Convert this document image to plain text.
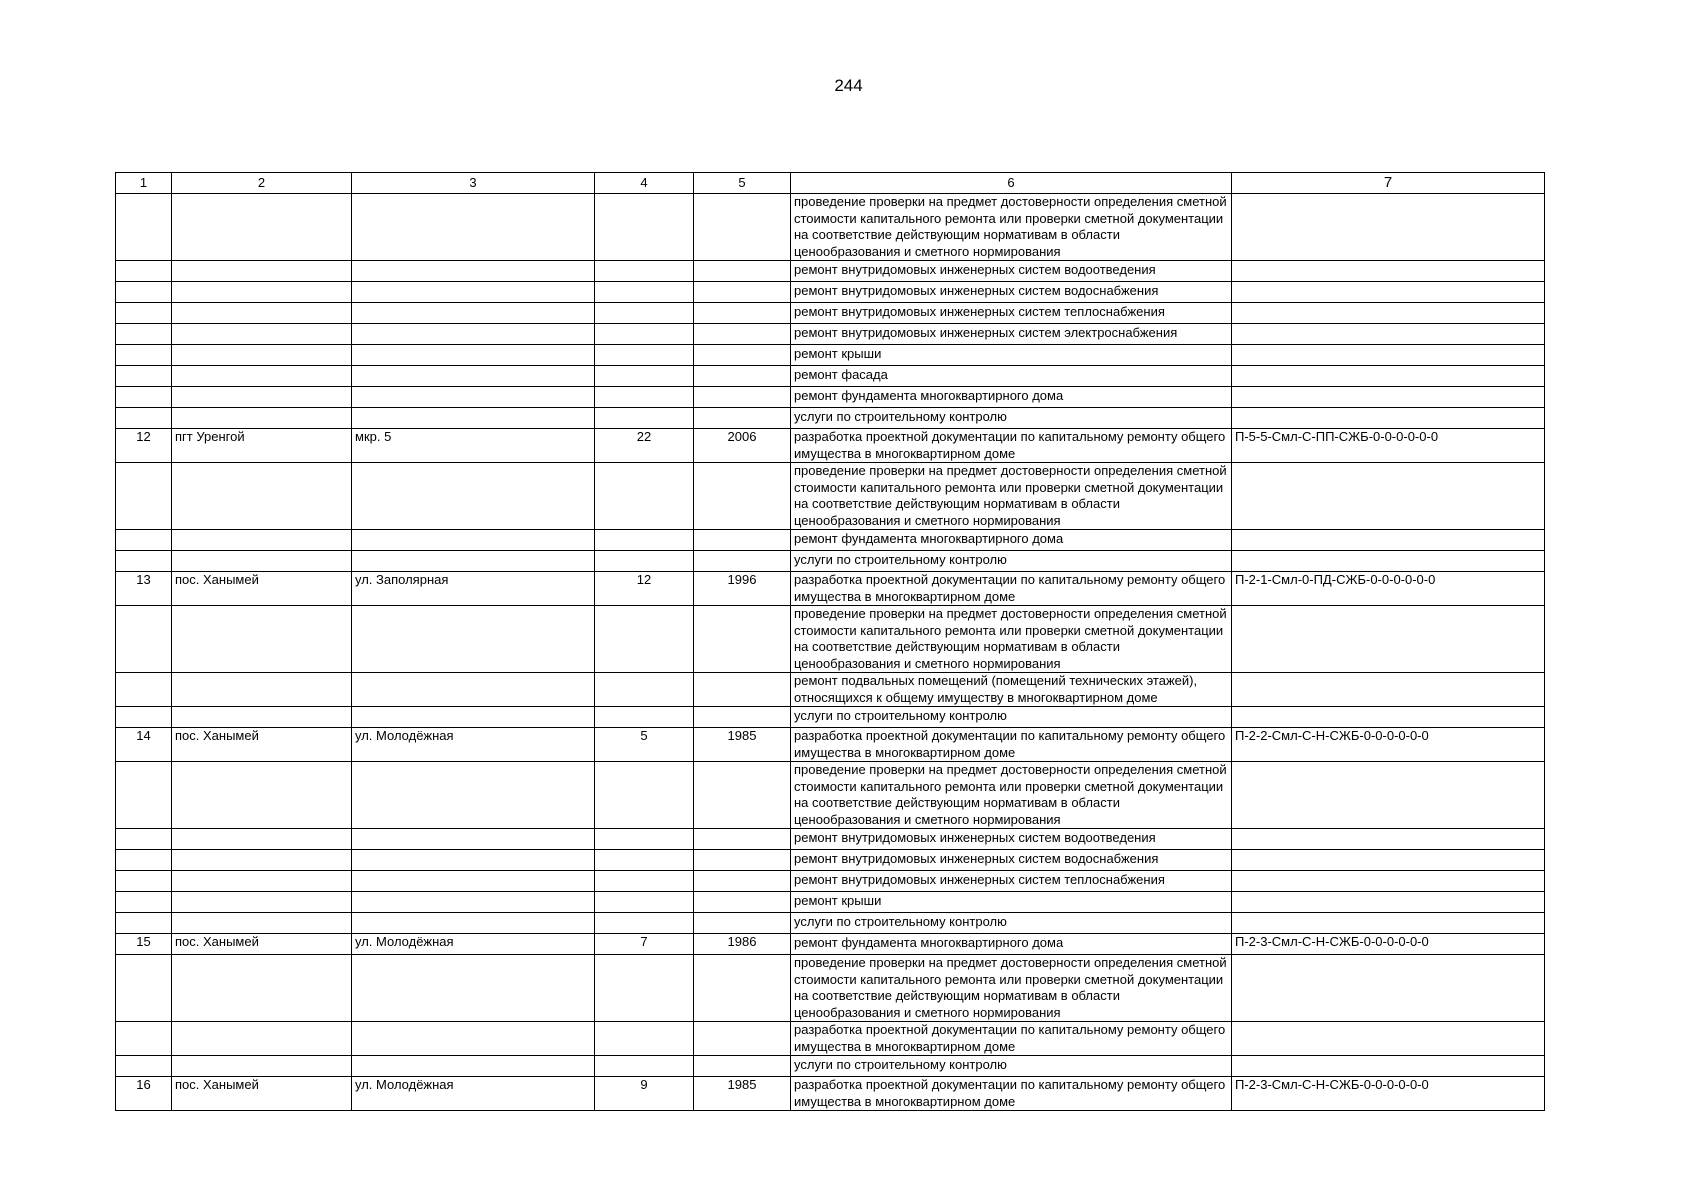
244
1	2	3	4	5	6	7
					проведение проверки на предмет достоверности определения сметной стоимости капитального ремонта или проверки сметной документации на соответствие действующим нормативам в области ценообразования и сметного нормирования	
					ремонт внутридомовых инженерных систем водоотведения	
					ремонт внутридомовых инженерных систем водоснабжения	
					ремонт внутридомовых инженерных систем теплоснабжения	
					ремонт внутридомовых инженерных систем электроснабжения	
					ремонт крыши	
					ремонт фасада	
					ремонт фундамента многоквартирного дома	
					услуги по строительному контролю	
12	пгт Уренгой	мкр. 5	22	2006	разработка проектной документации по капитальному ремонту общего имущества в многоквартирном доме	П-5-5-Смл-С-ПП-СЖБ-0-0-0-0-0-0
					проведение проверки на предмет достоверности определения сметной стоимости капитального ремонта или проверки сметной документации на соответствие действующим нормативам в области ценообразования и сметного нормирования	
					ремонт фундамента многоквартирного дома	
					услуги по строительному контролю	
13	пос. Ханымей	ул. Заполярная	12	1996	разработка проектной документации по капитальному ремонту общего имущества в многоквартирном доме	П-2-1-Смл-0-ПД-СЖБ-0-0-0-0-0-0
					проведение проверки на предмет достоверности определения сметной стоимости капитального ремонта или проверки сметной документации на соответствие действующим нормативам в области ценообразования и сметного нормирования	
					ремонт подвальных помещений (помещений технических этажей), относящихся к общему имуществу в многоквартирном доме	
					услуги по строительному контролю	
14	пос. Ханымей	ул. Молодёжная	5	1985	разработка проектной документации по капитальному ремонту общего имущества в многоквартирном доме	П-2-2-Смл-С-Н-СЖБ-0-0-0-0-0-0
					проведение проверки на предмет достоверности определения сметной стоимости капитального ремонта или проверки сметной документации на соответствие действующим нормативам в области ценообразования и сметного нормирования	
					ремонт внутридомовых инженерных систем водоотведения	
					ремонт внутридомовых инженерных систем водоснабжения	
					ремонт внутридомовых инженерных систем теплоснабжения	
					ремонт крыши	
					услуги по строительному контролю	
15	пос. Ханымей	ул. Молодёжная	7	1986	ремонт фундамента многоквартирного дома	П-2-3-Смл-С-Н-СЖБ-0-0-0-0-0-0
					проведение проверки на предмет достоверности определения сметной стоимости капитального ремонта или проверки сметной документации на соответствие действующим нормативам в области ценообразования и сметного нормирования	
					разработка проектной документации по капитальному ремонту общего имущества в многоквартирном доме	
					услуги по строительному контролю	
16	пос. Ханымей	ул. Молодёжная	9	1985	разработка проектной документации по капитальному ремонту общего имущества в многоквартирном доме	П-2-3-Смл-С-Н-СЖБ-0-0-0-0-0-0
